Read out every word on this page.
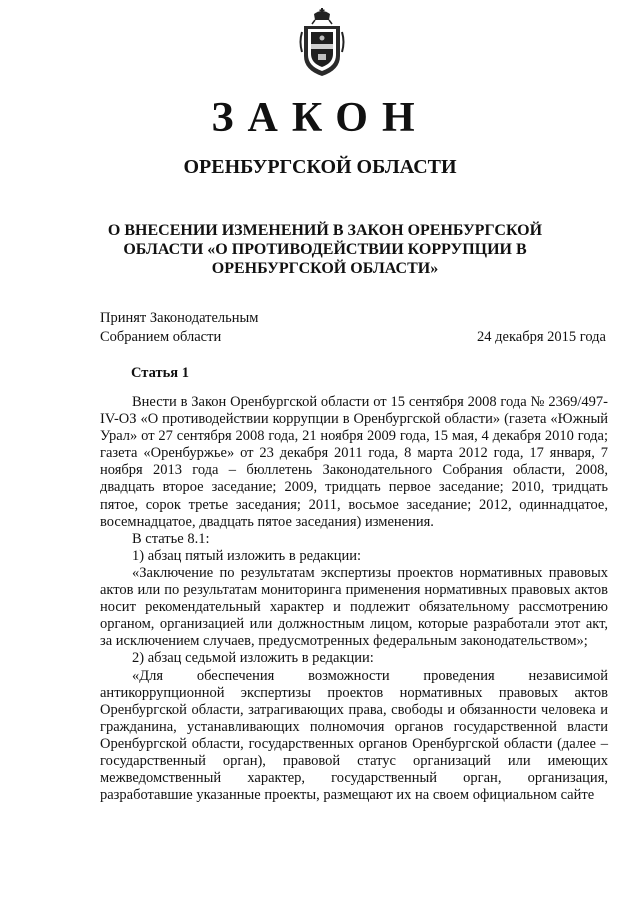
ЗАКОН
ОРЕНБУРГСКОЙ ОБЛАСТИ
О ВНЕСЕНИИ ИЗМЕНЕНИЙ В ЗАКОН ОРЕНБУРГСКОЙ ОБЛАСТИ «О ПРОТИВОДЕЙСТВИИ КОРРУПЦИИ В ОРЕНБУРГСКОЙ ОБЛАСТИ»
Принят Законодательным
Собранием области	24 декабря 2015 года
Статья 1

Внести в Закон Оренбургской области от 15 сентября 2008 года № 2369/497-IV-ОЗ «О противодействии коррупции в Оренбургской области» (газета «Южный Урал» от 27 сентября 2008 года, 21 ноября 2009 года, 15 мая, 4 декабря 2010 года; газета «Оренбуржье» от 23 декабря 2011 года, 8 марта 2012 года, 17 января, 7 ноября 2013 года – бюллетень Законодательного Собрания области, 2008, двадцать второе заседание; 2009, тридцать первое заседание; 2010, тридцать пятое, сорок третье заседания; 2011, восьмое заседание; 2012, одиннадцатое, восемнадцатое, двадцать пятое заседания) изменения.

В статье 8.1:

1) абзац пятый изложить в редакции:

«Заключение по результатам экспертизы проектов нормативных правовых актов или по результатам мониторинга применения нормативных правовых актов носит рекомендательный характер и подлежит обязательному рассмотрению органом, организацией или должностным лицом, которые разработали этот акт, за исключением случаев, предусмотренных федеральным законодательством»;

2) абзац седьмой изложить в редакции:

«Для обеспечения возможности проведения независимой антикоррупционной экспертизы проектов нормативных правовых актов Оренбургской области, затрагивающих права, свободы и обязанности человека и гражданина, устанавливающих полномочия органов государственной власти Оренбургской области, государственных органов Оренбургской области (далее – государственный орган), правовой статус организаций или имеющих межведомственный характер, государственный орган, организация, разработавшие указанные проекты, размещают их на своем официальном сайте
